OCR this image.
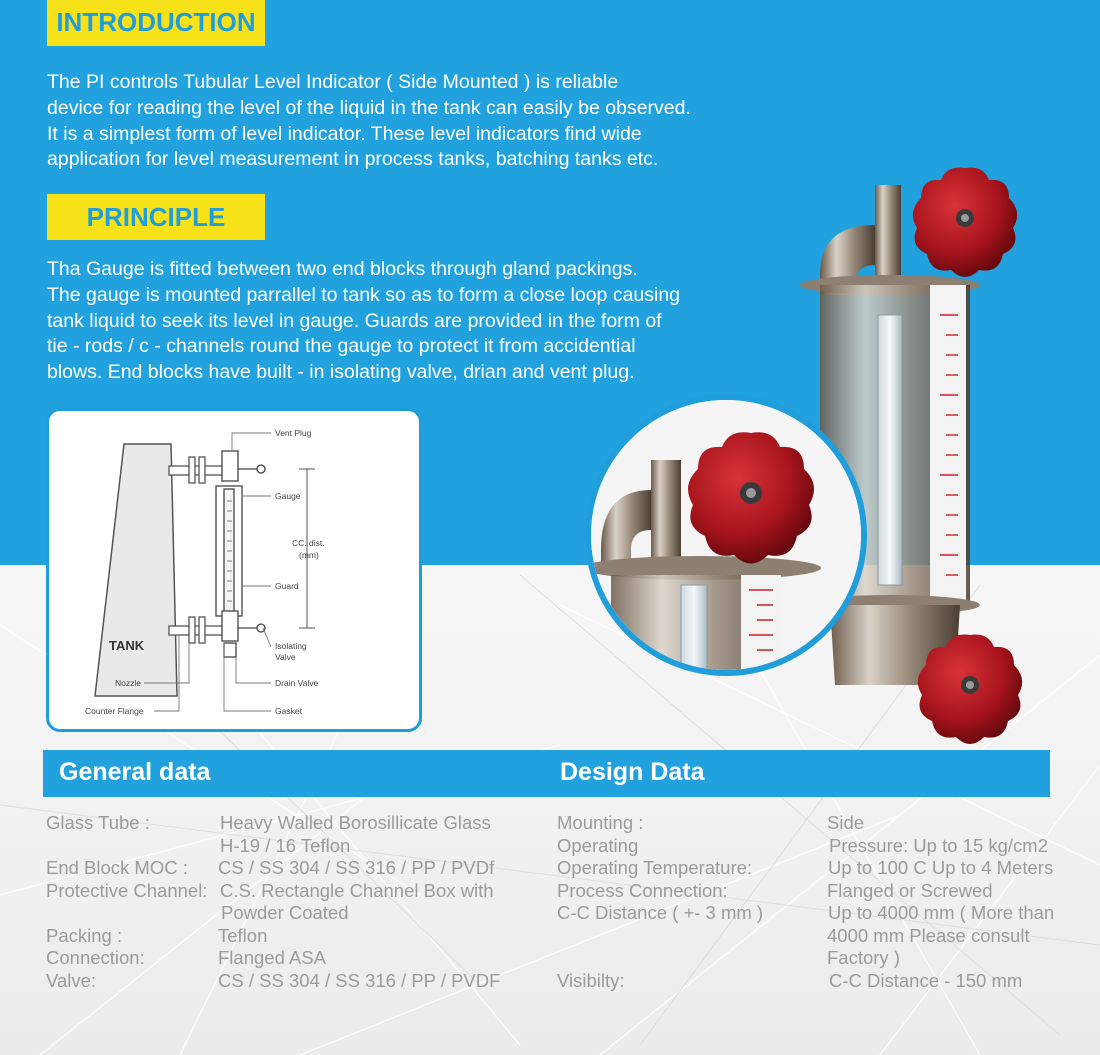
INTRODUCTION
The PI controls Tubular Level Indicator ( Side Mounted ) is reliable
device for reading the level of the liquid in the tank can easily be observed.
It is a simplest form of level indicator. These level indicators find wide
application for level measurement in process tanks, batching tanks etc.
PRINCIPLE
Tha Gauge is fitted between two end blocks through gland packings.
The gauge is mounted parrallel to tank so as to form a close loop causing
tank liquid to seek its level in gauge. Guards are provided in the form of
tie - rods / c - channels round the gauge to protect it from accidential
blows. End blocks have built - in isolating valve, drian and vent plug.
TANK
Vent Plug
Gauge
CC. dist.
(mm)
Guard
Isolating
Valve
Drain Valve
Gasket
Nozzle
Counter Flange
General data	Design Data
Glass Tube :

End Block MOC :
Protective Channel:

Packing :
Connection:
Valve:
Heavy Walled Borosillicate Glass
H-19 / 16 Teflon
CS / SS 304 / SS 316 / PP / PVDf
C.S. Rectangle Channel Box with
Powder Coated
Teflon
Flanged ASA
CS / SS 304 / SS 316 / PP / PVDF
Mounting :
Operating
Operating Temperature:
Process Connection:
C-C Distance ( +- 3 mm )

Visibilty:
Side
Pressure: Up to 15 kg/cm2
Up to 100 C Up to 4 Meters
Flanged or Screwed
Up to 4000 mm ( More than
4000 mm Please consult
Factory )
C-C Distance - 150 mm
